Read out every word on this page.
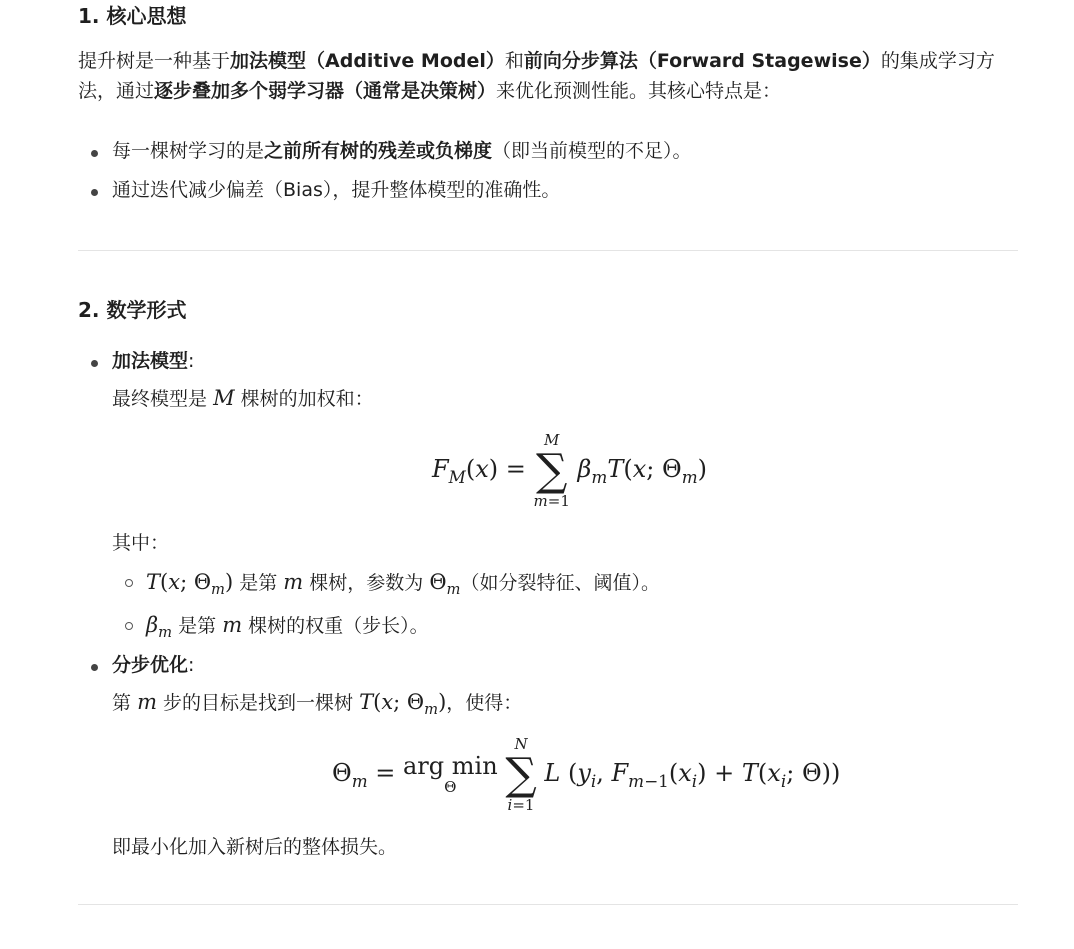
1. 核心思想

提升树是一种基于加法模型（Additive Model）和前向分步算法（Forward Stagewise）的集成学习方
法，通过逐步叠加多个弱学习器（通常是决策树）来优化预测性能。其核心特点是：

每一棵树学习的是之前所有树的残差或负梯度（即当前模型的不足）。
通过迭代减少偏差（Bias），提升整体模型的准确性。
2. 数学形式
加法模型:

最终模型是 M 棵树的加权和：

$F_M(x)$ =
M
∑
m=1
$\beta_mT(x$; $\Theta_m$)

其中：

T(x; $\Theta_m$) 是第 m 棵树，参数为 $\Theta_m$（如分裂特征、阈值）。
$\beta_m$ 是第 m 棵树的权重（步长）。
分步优化:

第 m 步的目标是找到一棵树 T(x; $\Theta_m$)，使得：

$\Theta_m$ = arg min
Θ

N
∑
i=1
L ($y_i$, $F_{m-1}(x_i) + T(x_i$; Θ))

即最小化加入新树后的整体损失。
